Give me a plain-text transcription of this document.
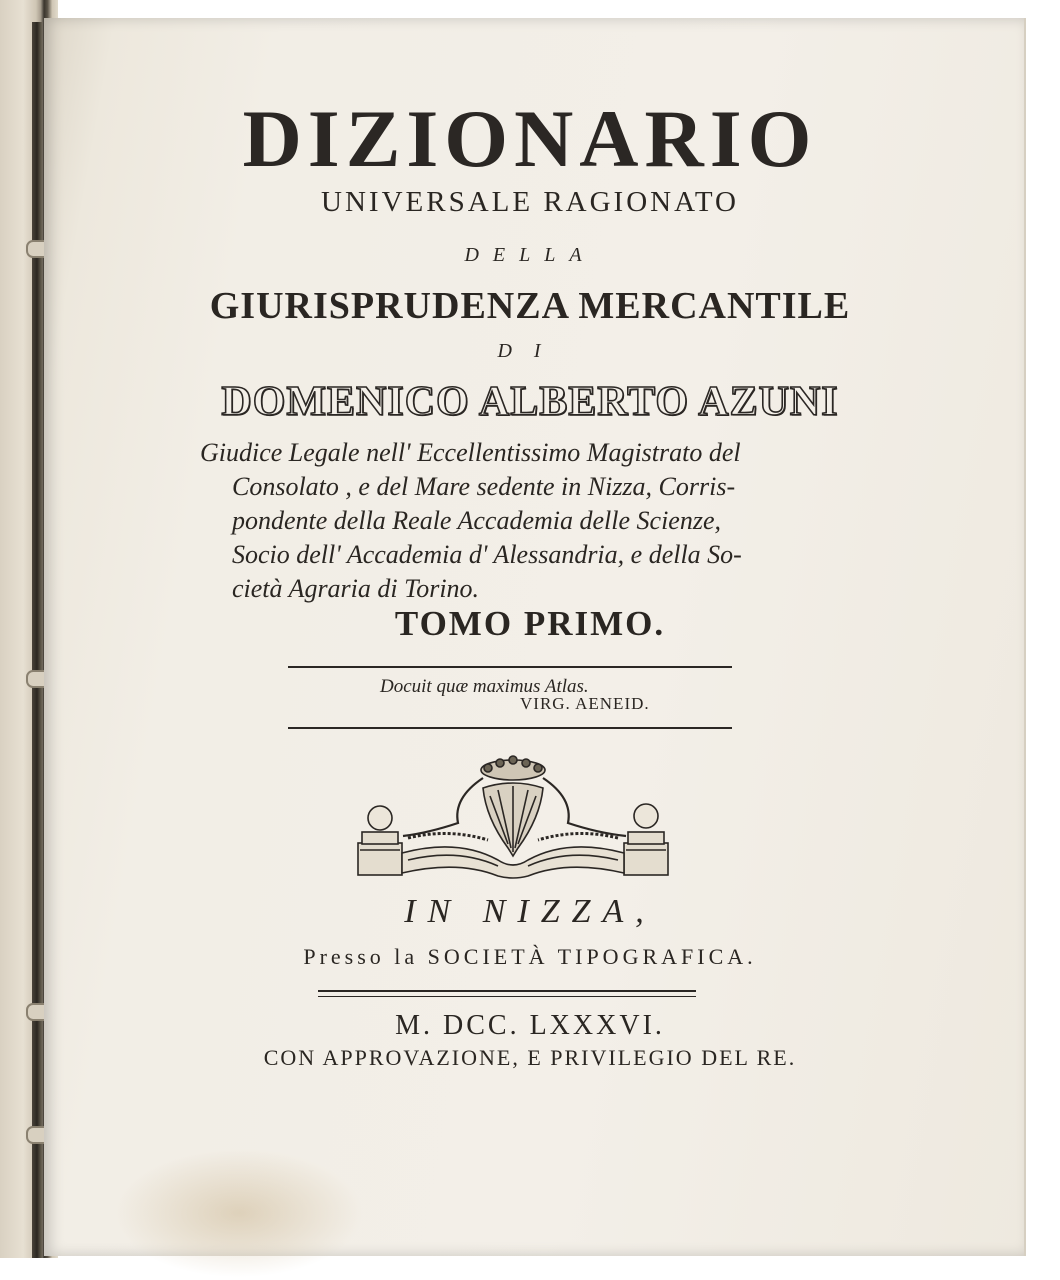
DIZIONARIO
UNIVERSALE RAGIONATO
DELLA
GIURISPRUDENZA MERCANTILE
DI
DOMENICO ALBERTO AZUNI
Giudice Legale nell' Eccellentissimo Magistrato del
Consolato , e del Mare sedente in Nizza, Corris-
pondente della Reale Accademia delle Scienze,
Socio dell' Accademia d' Alessandria, e della So-
cietà Agraria di Torino.
TOMO PRIMO.
Docuit quæ maximus Atlas.
VIRG. AENEID.
IN NIZZA,
Presso la SOCIETÀ TIPOGRAFICA.
M. DCC. LXXXVI.
CON APPROVAZIONE, E PRIVILEGIO DEL RE.
